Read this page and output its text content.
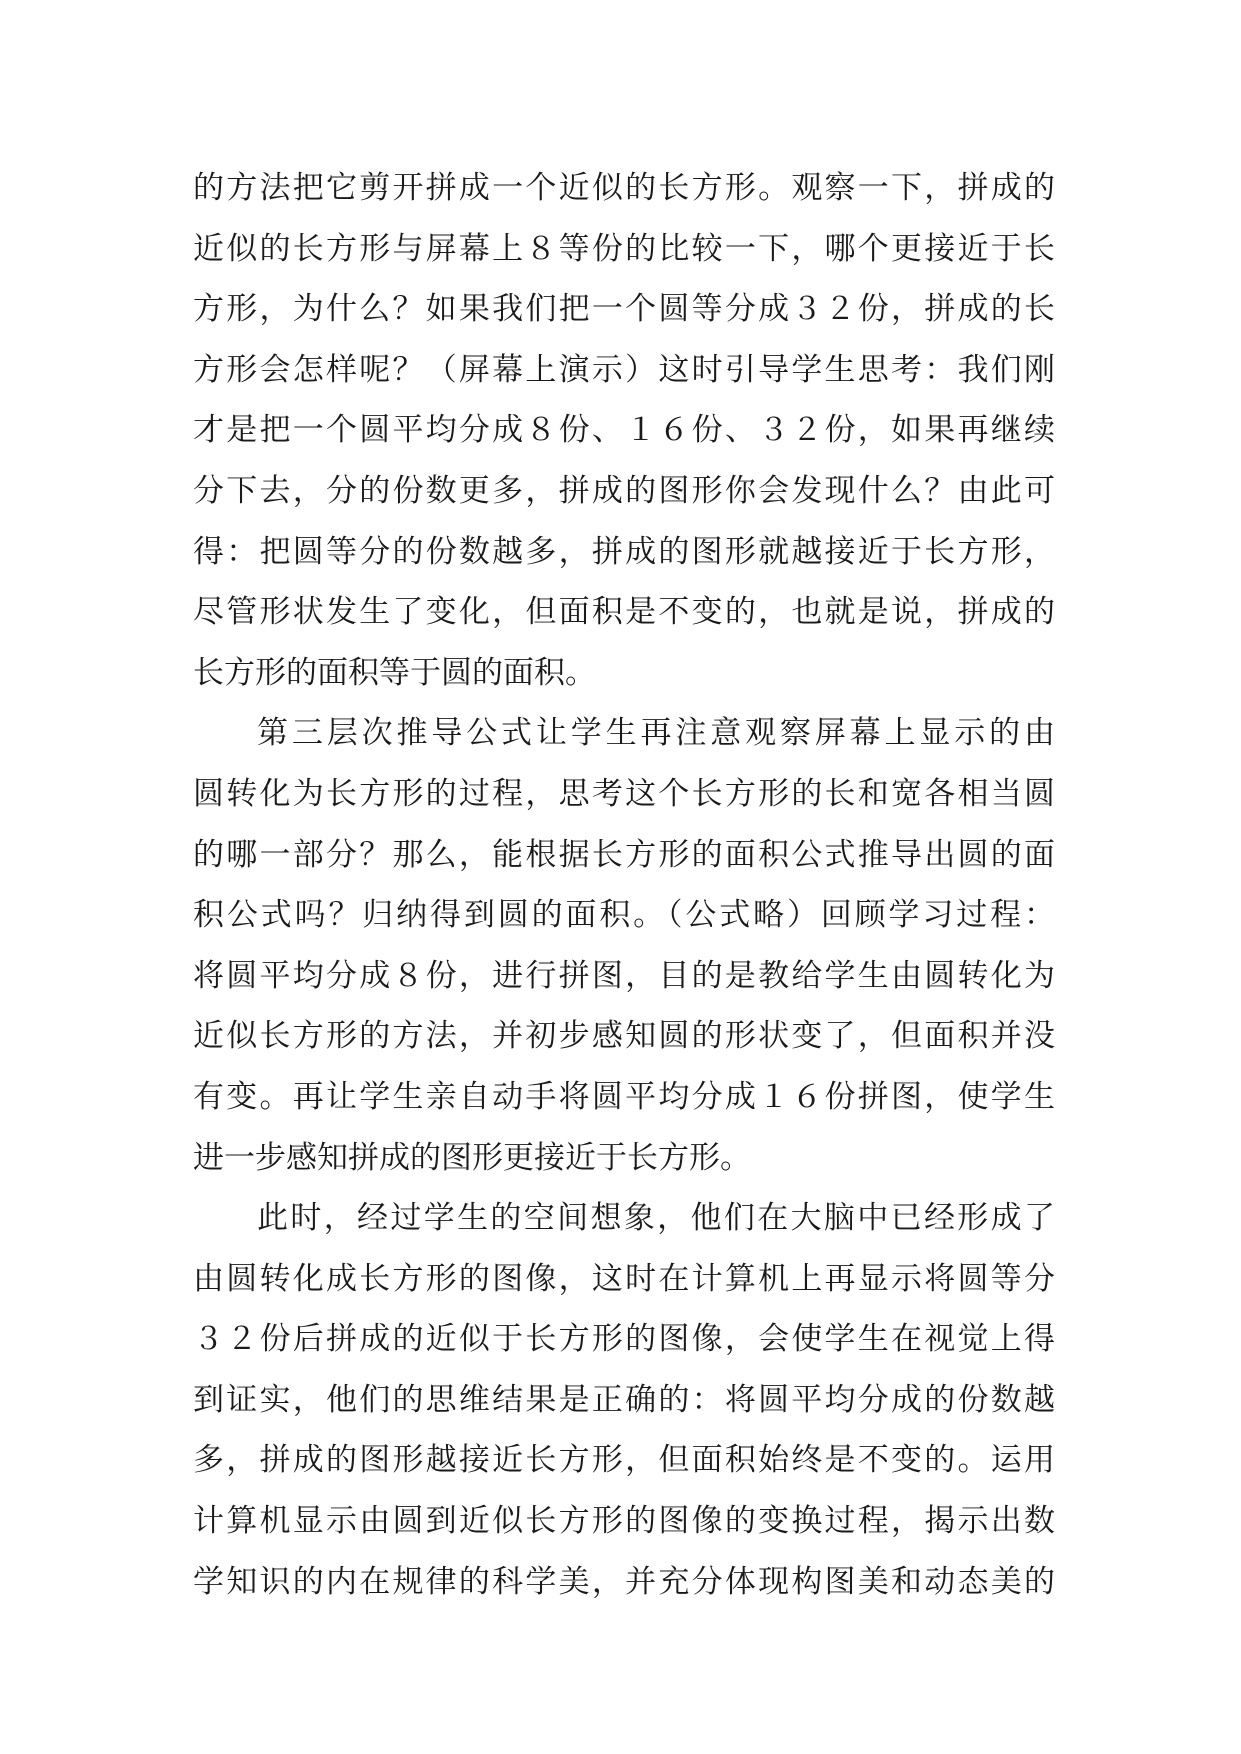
的方法把它剪开拼成一个近似的长方形。观察一下，拼成的
近似的长方形与屏幕上８等份的比较一下，哪个更接近于长
方形，为什么？如果我们把一个圆等分成３２份，拼成的长
方形会怎样呢？（屏幕上演示）这时引导学生思考：我们刚
才是把一个圆平均分成８份、１６份、３２份，如果再继续
分下去，分的份数更多，拼成的图形你会发现什么？由此可
得：把圆等分的份数越多，拼成的图形就越接近于长方形，
尽管形状发生了变化，但面积是不变的，也就是说，拼成的
长方形的面积等于圆的面积。
第三层次推导公式让学生再注意观察屏幕上显示的由
圆转化为长方形的过程，思考这个长方形的长和宽各相当圆
的哪一部分？那么，能根据长方形的面积公式推导出圆的面
积公式吗？归纳得到圆的面积。（公式略）回顾学习过程：
将圆平均分成８份，进行拼图，目的是教给学生由圆转化为
近似长方形的方法，并初步感知圆的形状变了，但面积并没
有变。再让学生亲自动手将圆平均分成１６份拼图，使学生
进一步感知拼成的图形更接近于长方形。
此时，经过学生的空间想象，他们在大脑中已经形成了
由圆转化成长方形的图像，这时在计算机上再显示将圆等分
３２份后拼成的近似于长方形的图像，会使学生在视觉上得
到证实，他们的思维结果是正确的：将圆平均分成的份数越
多，拼成的图形越接近长方形，但面积始终是不变的。运用
计算机显示由圆到近似长方形的图像的变换过程，揭示出数
学知识的内在规律的科学美，并充分体现构图美和动态美的
